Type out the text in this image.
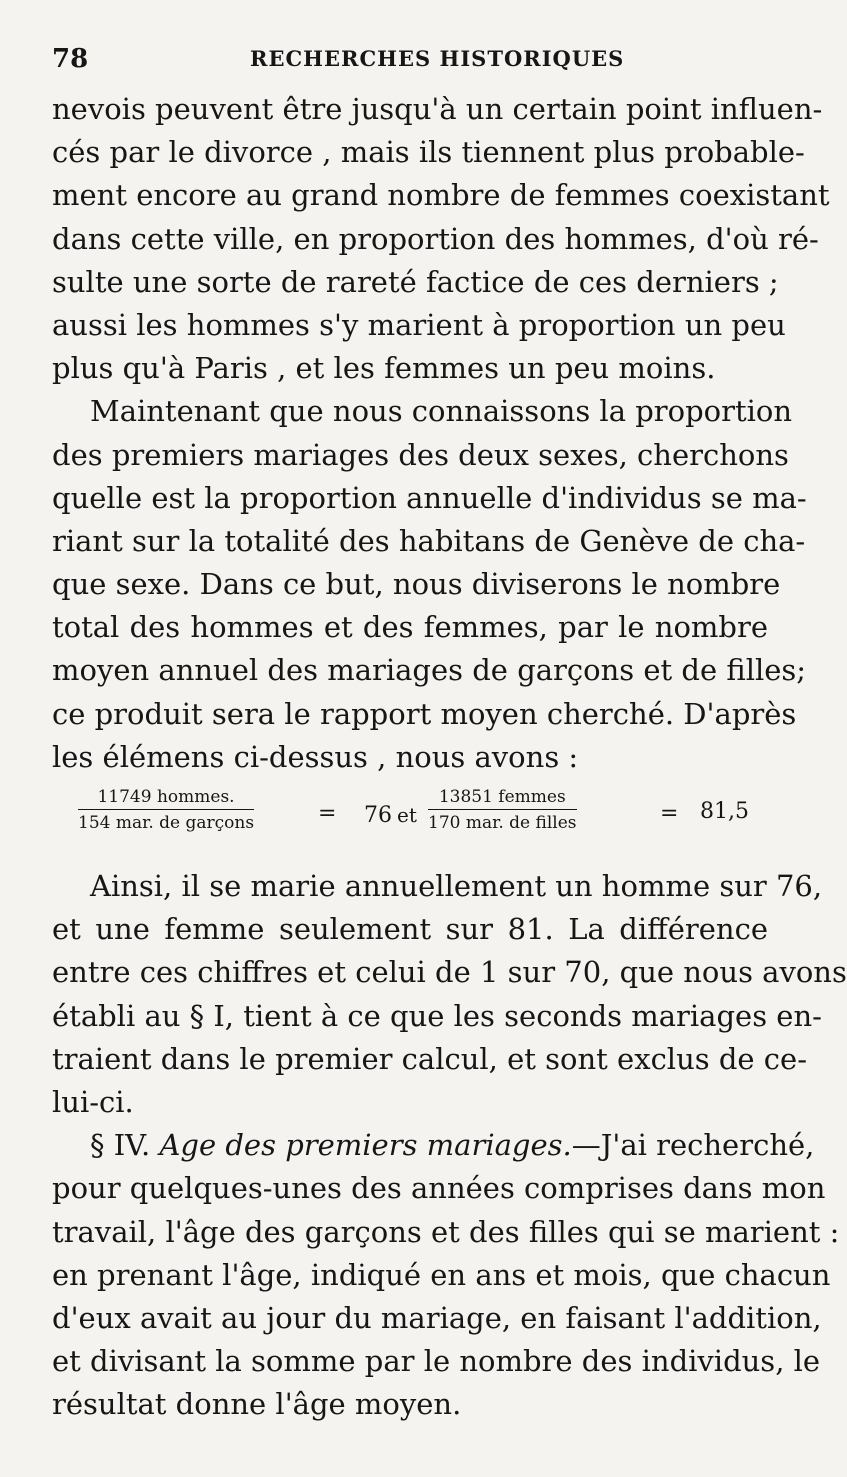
78	RECHERCHES HISTORIQUES
nevois peuvent être jusqu'à un certain point influen-
cés par le divorce , mais ils tiennent plus probable-
ment encore au grand nombre de femmes coexistant
dans cette ville, en proportion des hommes, d'où ré-
sulte une sorte de rareté factice de ces derniers ;
aussi les hommes s'y marient à proportion un peu
plus qu'à Paris , et les femmes un peu moins.
Maintenant que nous connaissons la proportion
des premiers mariages des deux sexes, cherchons
quelle est la proportion annuelle d'individus se ma-
riant sur la totalité des habitans de Genève de cha-
que sexe. Dans ce but, nous diviserons le nombre
total des hommes et des femmes, par le nombre
moyen annuel des mariages de garçons et de filles;
ce produit sera le rapport moyen cherché. D'après
les élémens ci-dessus , nous avons :
11749 hommes.
154 mar. de garçons	= 76 et
13851 femmes
170 mar. de filles	= 81,5
Ainsi, il se marie annuellement un homme sur 76,
et une femme seulement sur 81. La différence
entre ces chiffres et celui de 1 sur 70, que nous avons
établi au § I, tient à ce que les seconds mariages en-
traient dans le premier calcul, et sont exclus de ce-
lui-ci.
§ IV. Age des premiers mariages.—J'ai recherché,
pour quelques-unes des années comprises dans mon
travail, l'âge des garçons et des filles qui se marient :
en prenant l'âge, indiqué en ans et mois, que chacun
d'eux avait au jour du mariage, en faisant l'addition,
et divisant la somme par le nombre des individus, le
résultat donne l'âge moyen.
